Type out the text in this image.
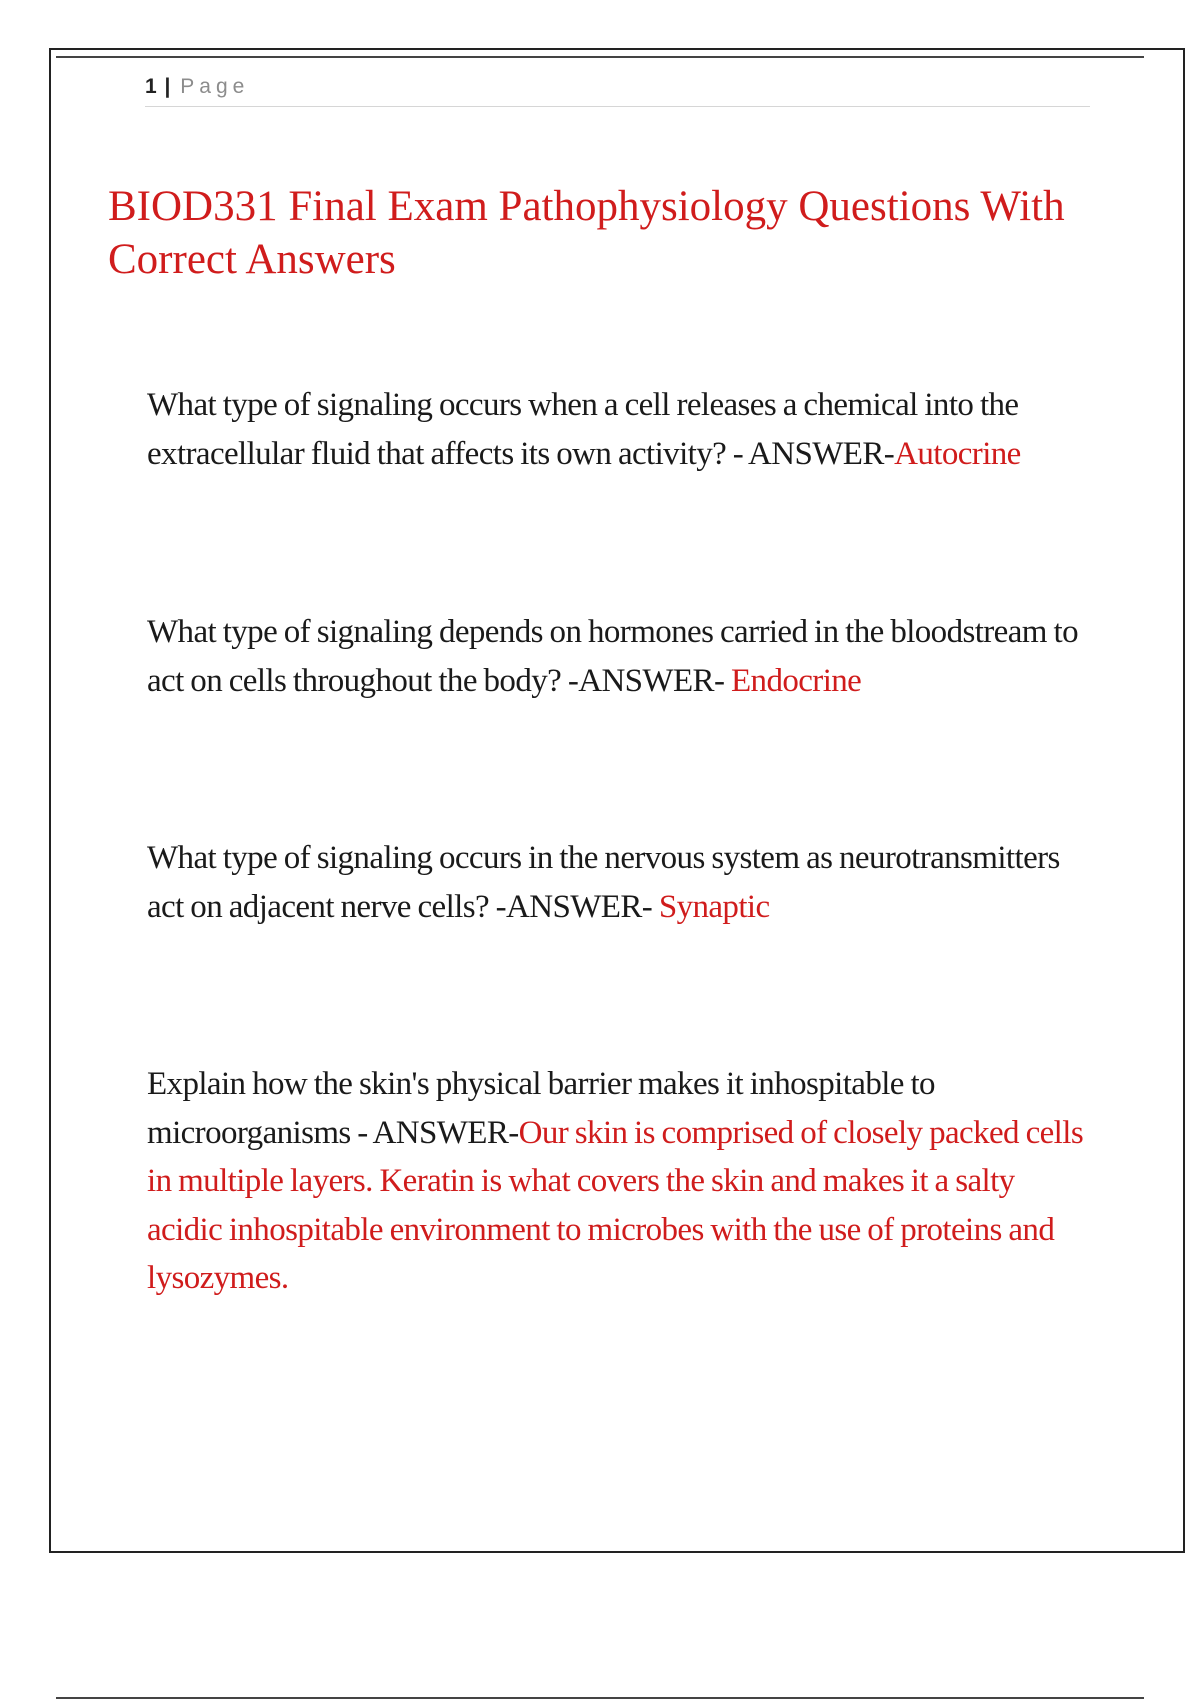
1 | Page
BIOD331 Final Exam Pathophysiology Questions With Correct Answers

What type of signaling occurs when a cell releases a chemical into the extracellular fluid that affects its own activity? - ANSWER-Autocrine

What type of signaling depends on hormones carried in the bloodstream to act on cells throughout the body? -ANSWER- Endocrine

What type of signaling occurs in the nervous system as neurotransmitters act on adjacent nerve cells? -ANSWER- Synaptic

Explain how the skin's physical barrier makes it inhospitable to microorganisms - ANSWER-Our skin is comprised of closely packed cells in multiple layers. Keratin is what covers the skin and makes it a salty acidic inhospitable environment to microbes with the use of proteins and lysozymes.
